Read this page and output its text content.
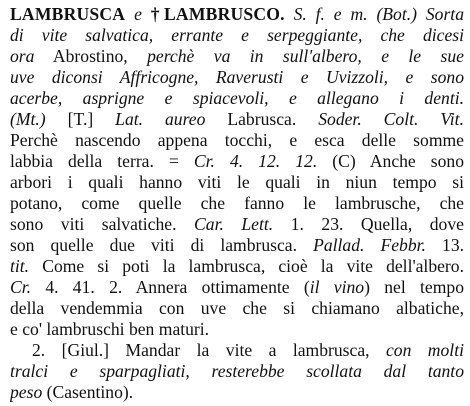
LAMBRUSCA e †LAMBRUSCO. S. f. e m. (Bot.) Sorta
di vite salvatica, errante e serpeggiante, che dicesi
ora Abrostino, perchè va in sull'albero, e le sue
uve diconsi Affricogne, Raverusti e Uvizzoli, e sono
acerbe, asprigne e spiacevoli, e allegano i denti.
(Mt.) [T.] Lat. aureo Labrusca. Soder. Colt. Vit.
Perchè nascendo appena tocchi, e esca delle somme
labbia della terra. = Cr. 4. 12. 12. (C) Anche sono
arbori i quali hanno viti le quali in niun tempo si
potano, come quelle che fanno le lambrusche, che
sono viti salvatiche. Car. Lett. 1. 23. Quella, dove
son quelle due viti di lambrusca. Pallad. Febbr. 13.
tit. Come si poti la lambrusca, cioè la vite dell'albero.
Cr. 4. 41. 2. Annera ottimamente (il vino) nel tempo
della vendemmia con uve che si chiamano albatiche,
e co' lambruschi ben maturi.
2. [Giul.] Mandar la vite a lambrusca, con molti
tralci e sparpagliati, resterebbe scollata dal tanto
peso (Casentino).
